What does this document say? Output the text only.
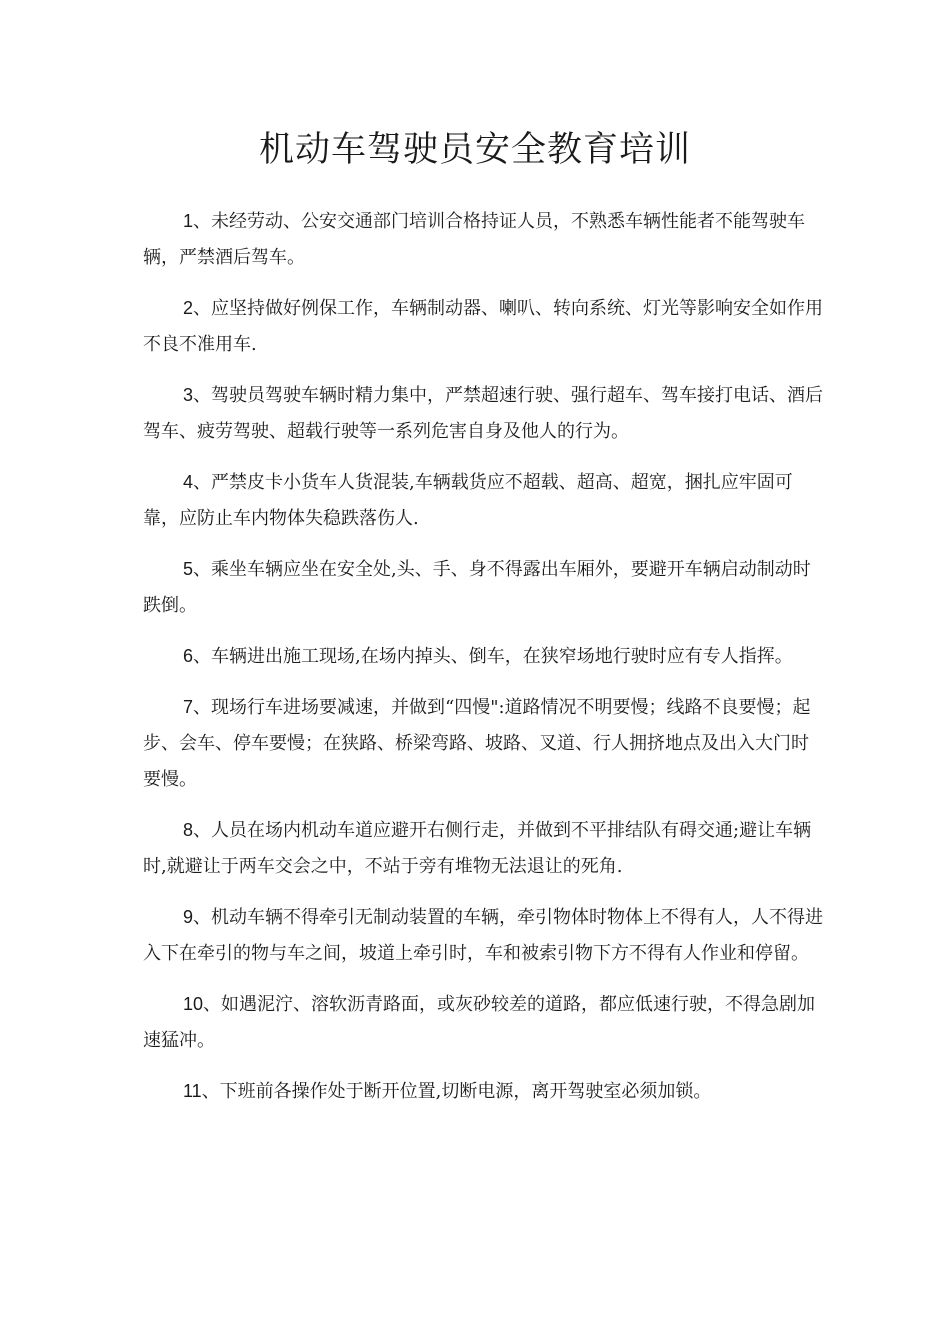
机动车驾驶员安全教育培训
1、未经劳动、公安交通部门培训合格持证人员，不熟悉车辆性能者不能驾驶车辆，严禁酒后驾车。
2、应坚持做好例保工作，车辆制动器、喇叭、转向系统、灯光等影响安全如作用不良不准用车.
3、驾驶员驾驶车辆时精力集中，严禁超速行驶、强行超车、驾车接打电话、酒后驾车、疲劳驾驶、超载行驶等一系列危害自身及他人的行为。
4、严禁皮卡小货车人货混装,车辆载货应不超载、超高、超宽，捆扎应牢固可靠，应防止车内物体失稳跌落伤人.
5、乘坐车辆应坐在安全处,头、手、身不得露出车厢外，要避开车辆启动制动时跌倒。
6、车辆进出施工现场,在场内掉头、倒车，在狭窄场地行驶时应有专人指挥。
7、现场行车进场要减速，并做到“四慢":道路情况不明要慢；线路不良要慢；起步、会车、停车要慢；在狭路、桥梁弯路、坡路、叉道、行人拥挤地点及出入大门时要慢。
8、人员在场内机动车道应避开右侧行走，并做到不平排结队有碍交通;避让车辆时,就避让于两车交会之中，不站于旁有堆物无法退让的死角.
9、机动车辆不得牵引无制动装置的车辆，牵引物体时物体上不得有人，人不得进入下在牵引的物与车之间，坡道上牵引时，车和被索引物下方不得有人作业和停留。
10、如遇泥泞、溶软沥青路面，或灰砂较差的道路，都应低速行驶，不得急剧加速猛冲。
11、下班前各操作处于断开位置,切断电源，离开驾驶室必须加锁。
